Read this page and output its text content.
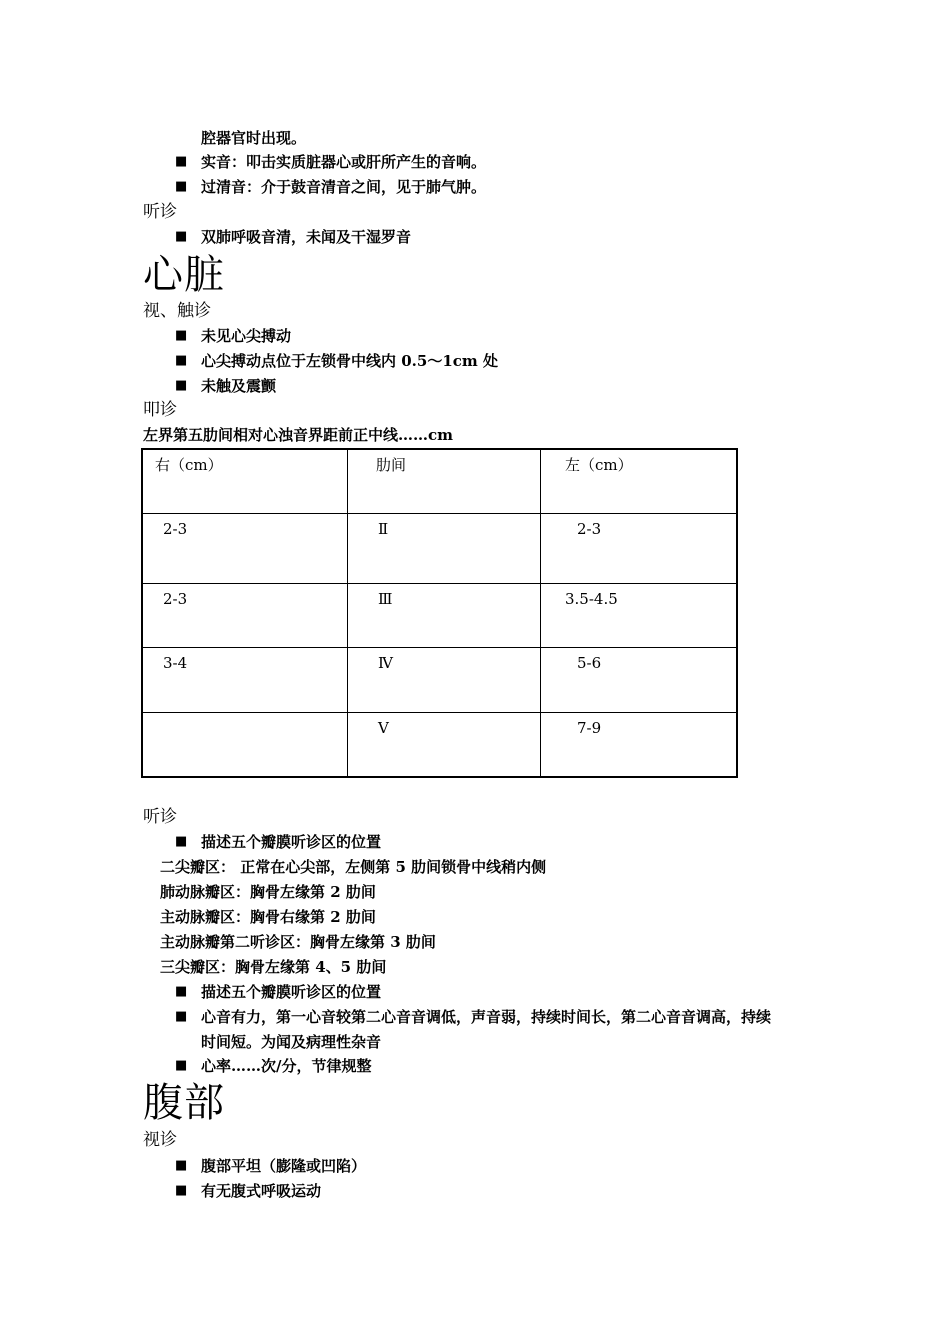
腔器官时出现。
■
实音：叩击实质脏器心或肝所产生的音响。
■
过清音：介于鼓音清音之间，见于肺气肿。
听诊
■
双肺呼吸音清，未闻及干湿罗音
心脏
视、触诊
■
未见心尖搏动
■
心尖搏动点位于左锁骨中线内 0.5～1cm 处
■
未触及震颤
叩诊
左界第五肋间相对心浊音界距前正中线……cm
右（cm）	肋间	左（cm）

2-3	Ⅱ	2-3

2-3	Ⅲ	3.5-4.5

3-4	Ⅳ	5-6

	Ⅴ	7-9
听诊
■
描述五个瓣膜听诊区的位置
二尖瓣区： 正常在心尖部，左侧第 5 肋间锁骨中线稍内侧
肺动脉瓣区：胸骨左缘第 2 肋间
主动脉瓣区：胸骨右缘第 2 肋间
主动脉瓣第二听诊区：胸骨左缘第 3 肋间
三尖瓣区：胸骨左缘第 4、5 肋间
■
描述五个瓣膜听诊区的位置
■
心音有力，第一心音较第二心音音调低，声音弱，持续时间长，第二心音音调高，持续
时间短。为闻及病理性杂音
■
心率……次/分，节律规整
腹部
视诊
■
腹部平坦（膨隆或凹陷）
■
有无腹式呼吸运动
